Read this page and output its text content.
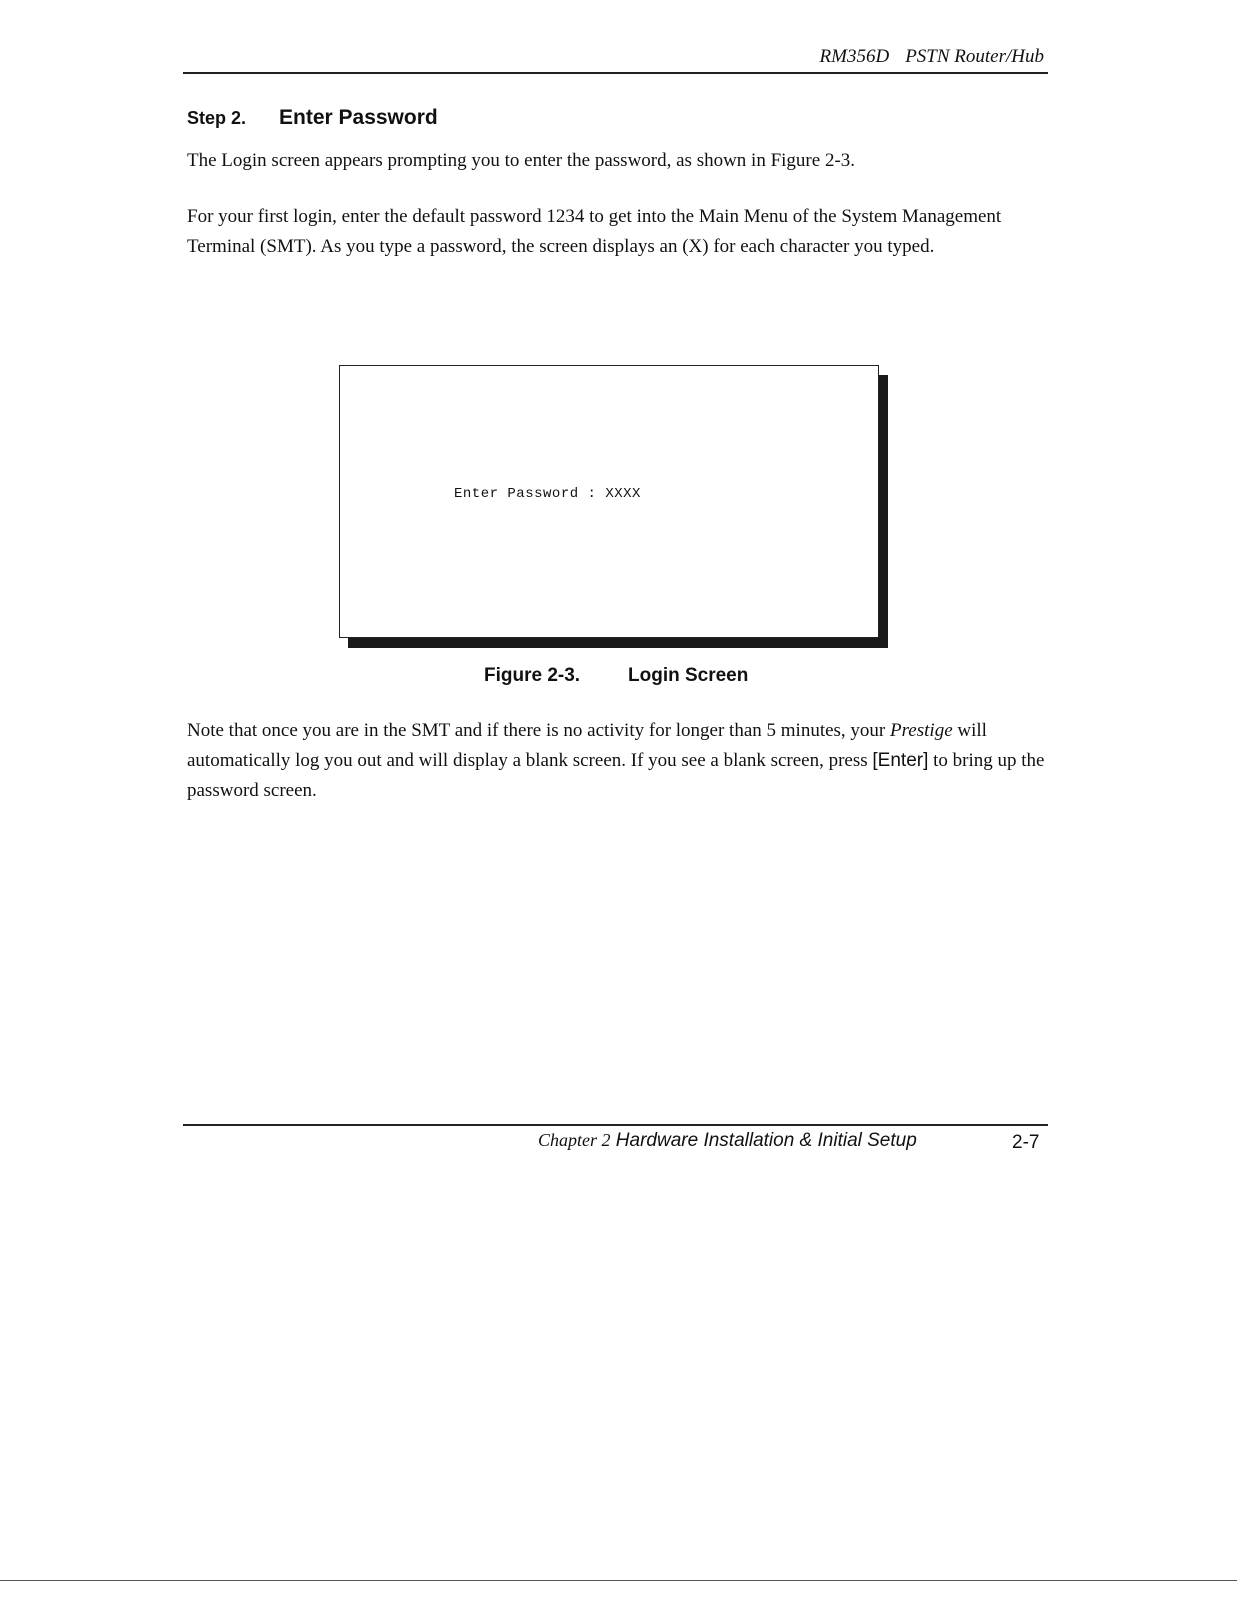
RM356D PSTN Router/Hub
Step 2. Enter Password
The Login screen appears prompting you to enter the password, as shown in Figure 2-3.
For your first login, enter the default password 1234 to get into the Main Menu of the System Management Terminal (SMT). As you type a password, the screen displays an (X) for each character you typed.
Enter Password : XXXX
Figure 2-3.	Login Screen
Note that once you are in the SMT and if there is no activity for longer than 5 minutes, your Prestige will automatically log you out and will display a blank screen. If you see a blank screen, press [Enter] to bring up the password screen.
Chapter 2 Hardware Installation & Initial Setup	2-7
